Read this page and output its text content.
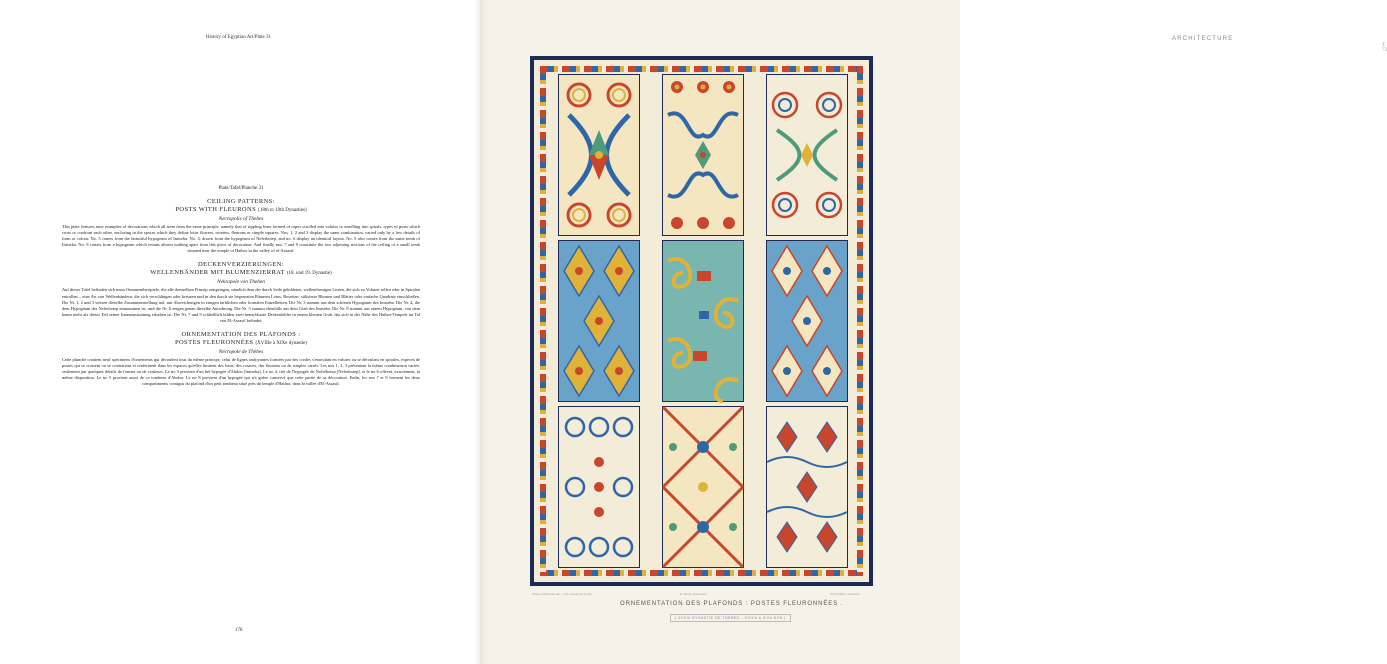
History of Egyptian Art/Plate 31
Plate/Tafel/Planche 31
CEILING PATTERNS:
POSTS WITH FLEURONS (18th to 19th Dynasties)
Necropolis of Thebes
This plate features nine examples of decorations which all stem from the same principle, namely that of rippling lines formed of ropes scrolled into volutes or unrolling into spirals, types of posts which cross or confront each other, enclosing in the spaces which they define lotus flowers, rosettes, fleurons or simple squares. Nos. 1, 2 and 3 display the same combination, varied only by a few details of form or colour. No. 3 comes from the beautiful hypogeum of Imiseba. No. 4, drawn from the hypogeum of Neferhotep, and no. 6 display an identical layout. No. 5 also comes from the same tomb of Imiseba. No. 8 comes from a hypogeum which retains almost nothing apart from this piece of decoration. And finally nos. 7 and 9 constitute the two adjoining sections of the ceiling of a small tomb situated near the temple of Hathor in the valley of el-Assasif.
DECKENVERZIERUNGEN:
WELLENBÄNDER MIT BLUMENZIERRAT (18. und 19. Dynastie)
Nekropole von Theben
Auf dieser Tafel befinden sich neun Ornamentbeispiele, die alle demselben Prinzip entspringen, nämlich dem der durch Seile gebildeten, wellenförmigen Linien, die sich zu Voluten rollen oder in Spiralen entrollen – eine Art von Wellenbändern, die sich verschlingen oder kreuzen und in den durch sie begrenzten Räumen Lotus, Rosetten, stilisierte Blumen und Blätter oder einfache Quadrate einschließen. Die Nr. 1, 2 und 3 weisen dieselbe Zusammenstellung auf, mit Abweichungen in einigen farblichen oder formalen Einzelheiten. Die Nr. 3 stammt aus dem schönen Hypogäum des Imiseba. Die Nr. 4, die dem Hypogäum des Neferhotep entnommen ist, und die Nr. 6 zeigen genau dieselbe Anordnung. Die Nr. 5 stammt ebenfalls aus dem Grab des Imiseba. Die Nr. 8 stammt aus einem Hypogäum, von dem kaum mehr als dieser Teil seiner Innenausstattung erhalten ist. Die Nr. 7 und 9 schließlich bilden zwei benachbarte Deckenfelder in einem kleinen Grab, das sich in der Nähe des Hathor-Tempels im Tal von El-Assasif befindet.
ORNEMENTATION DES PLAFONDS :
POSTES FLEURONNÉES (XVIIIe à XIXe dynastie)
Nécropole de Thèbes
Cette planche contient neuf spécimens d'ornements qui découlent tous du même principe, celui de lignes ondoyantes formées par des cordes s'enroulant en volutes ou se déroulant en spirales, espèces de postes qui se croisent ou se contrarient et renferment dans les espaces qu'elles limitent des lotus, des rosaces, des fleurons ou de simples carrés. Les nos 1, 2, 3 présentent la même combinaison variée, seulement par quelques détails de formes ou de couleurs. Le no 3 provient d'un bel hypogée d'Abdou [Imiseba]. Le no 4, tiré de l'hypogée de Nofréhotep [Neferhotep], et le no 6 offrent, exactement, la même disposition. Le no 5 provient aussi de ce tombeau d'Abdou. Le no 8 provient d'un hypogée qui n'a guère conservé que cette partie de sa décoration. Enfin, les nos 7 et 9 forment les deux compartiments contigus du plafond d'un petit tombeau situé près du temple d'Hathor, dans la vallée d'El-Assasif.
178
ARCHITECTURE
T. 73
Prisse d'Avennes del. · Imp. Lemercier & Cie	E. Prisse d'Avennes	Chromolith. Lemercier
ORNEMENTATION DES PLAFONDS : POSTES FLEURONNÉES .
( XVIIIe DYNASTIE DE THÈBES – XVIIIe à XIXe DYN )
